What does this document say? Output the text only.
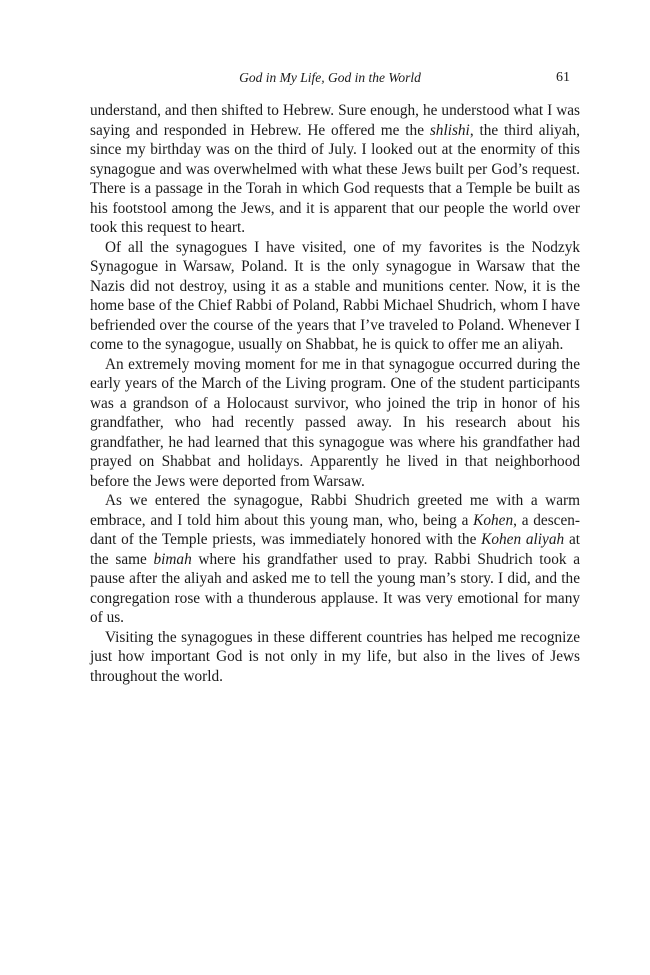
God in My Life, God in the World	61

understand, and then shifted to Hebrew. Sure enough, he understood what I was saying and responded in Hebrew. He offered me the shlishi, the third aliyah, since my birthday was on the third of July. I looked out at the enormity of this synagogue and was overwhelmed with what these Jews built per God’s request. There is a passage in the Torah in which God requests that a Temple be built as his footstool among the Jews, and it is apparent that our people the world over took this request to heart.

Of all the synagogues I have visited, one of my favorites is the Nodzyk Synagogue in Warsaw, Poland. It is the only synagogue in Warsaw that the Nazis did not destroy, using it as a stable and munitions center. Now, it is the home base of the Chief Rabbi of Poland, Rabbi Michael Shudrich, whom I have befriended over the course of the years that I’ve traveled to Poland. Whenever I come to the synagogue, usually on Shabbat, he is quick to offer me an aliyah.

An extremely moving moment for me in that synagogue occurred during the early years of the March of the Living program. One of the student participants was a grandson of a Holocaust survivor, who joined the trip in honor of his grandfather, who had recently passed away. In his research about his grandfather, he had learned that this synagogue was where his grandfather had prayed on Shabbat and holidays. Apparently he lived in that neighborhood before the Jews were deported from Warsaw.

As we entered the synagogue, Rabbi Shudrich greeted me with a warm embrace, and I told him about this young man, who, being a Kohen, a descendant of the Temple priests, was immediately honored with the Kohen aliyah at the same bimah where his grandfather used to pray. Rabbi Shudrich took a pause after the aliyah and asked me to tell the young man’s story. I did, and the congregation rose with a thunderous applause. It was very emotional for many of us.

Visiting the synagogues in these different countries has helped me recognize just how important God is not only in my life, but also in the lives of Jews throughout the world.
